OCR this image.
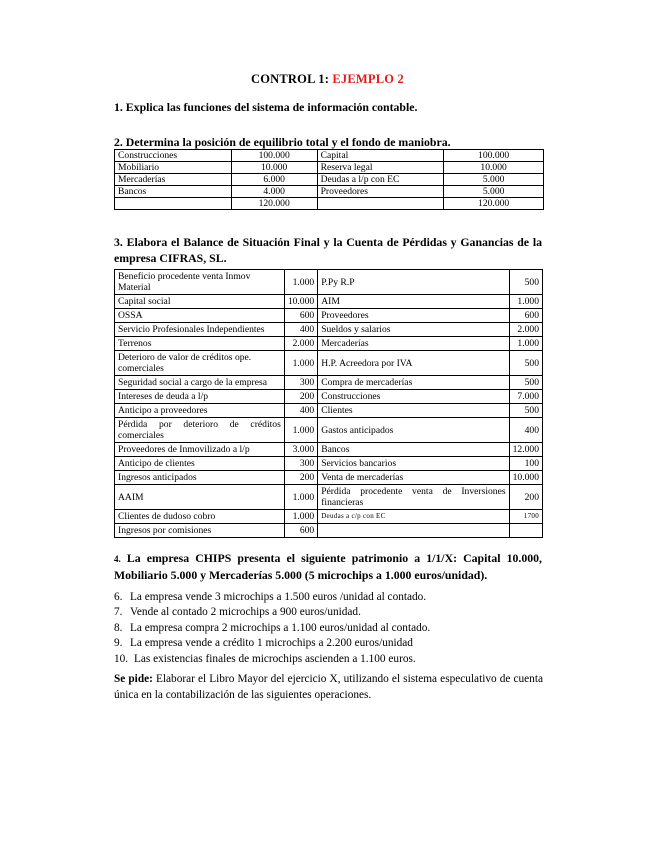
CONTROL 1: EJEMPLO 2
1. Explica las funciones del sistema de información contable.
2. Determina la posición de equilibrio total y el fondo de maniobra.
Construcciones	100.000	Capital	100.000
Mobiliario	10.000	Reserva legal	10.000
Mercaderías	6.000	Deudas a l/p con EC	5.000
Bancos	4.000	Proveedores	5.000
	120.000		120.000
3. Elabora el Balance de Situación Final y la Cuenta de Pérdidas y Ganancias de la empresa CIFRAS, SL.
Beneficio procedente venta Inmov Material	1.000	P.Py R.P	500
Capital social	10.000	AIM	1.000
OSSA	600	Proveedores	600
Servicio Profesionales Independientes	400	Sueldos y salarios	2.000
Terrenos	2.000	Mercaderías	1.000
Deterioro de valor de créditos ope. comerciales	1.000	H.P. Acreedora por IVA	500
Seguridad social a cargo de la empresa	300	Compra de mercaderías	500
Intereses de deuda a l/p	200	Construcciones	7.000
Anticipo a proveedores	400	Clientes	500
Pérdida por deterioro de créditos comerciales	1.000	Gastos anticipados	400
Proveedores de Inmovilizado a l/p	3.000	Bancos	12.000
Anticipo de clientes	300	Servicios bancarios	100
Ingresos anticipados	200	Venta de mercaderías	10.000
AAIM	1.000	Pérdida procedente venta de Inversiones financieras	200
Clientes de dudoso cobro	1.000	Deudas a c/p con EC	1700
Ingresos por comisiones	600		
4. La empresa CHIPS presenta el siguiente patrimonio a 1/1/X: Capital 10.000, Mobiliario 5.000 y Mercaderías 5.000 (5 microchips a 1.000 euros/unidad).
6. La empresa vende 3 microchips a 1.500 euros /unidad al contado.
7. Vende al contado 2 microchips a 900 euros/unidad.
8. La empresa compra 2 microchips a 1.100 euros/unidad al contado.
9. La empresa vende a crédito 1 microchips a 2.200 euros/unidad
10. Las existencias finales de microchips ascienden a 1.100 euros.
Se pide: Elaborar el Libro Mayor del ejercicio X, utilizando el sistema especulativo de cuenta única en la contabilización de las siguientes operaciones.
